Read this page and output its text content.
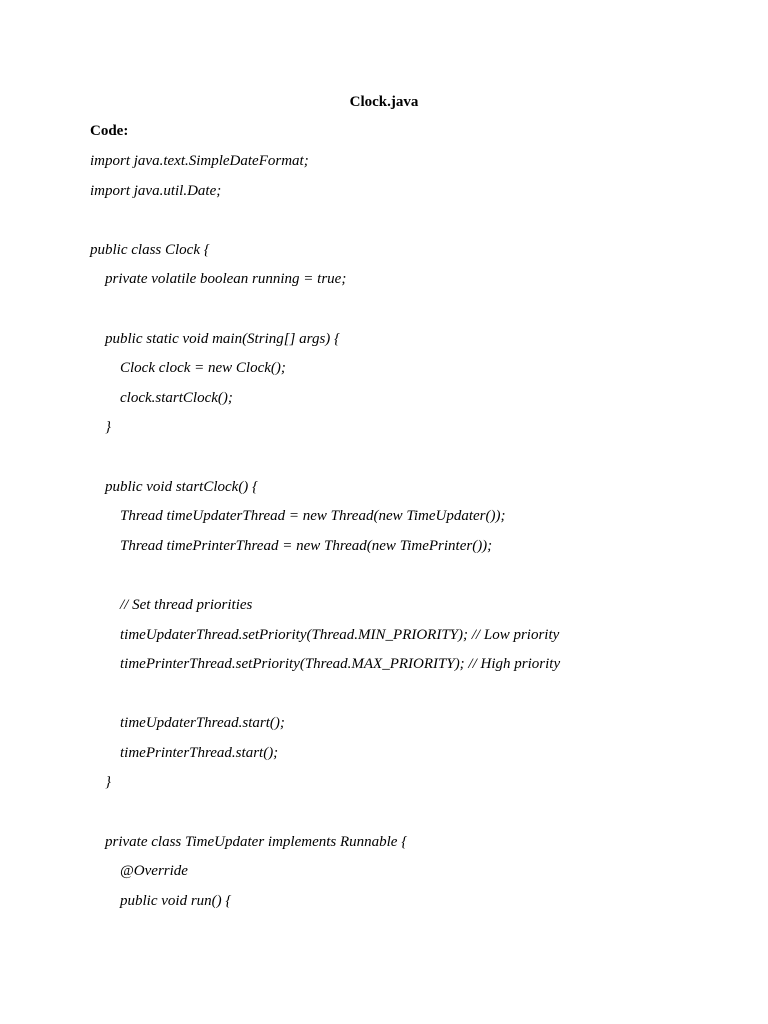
Clock.java
Code:
import java.text.SimpleDateFormat;
import java.util.Date;
public class Clock {
private volatile boolean running = true;
public static void main(String[] args) {
Clock clock = new Clock();
clock.startClock();
}
public void startClock() {
Thread timeUpdaterThread = new Thread(new TimeUpdater());
Thread timePrinterThread = new Thread(new TimePrinter());
// Set thread priorities
timeUpdaterThread.setPriority(Thread.MIN_PRIORITY); // Low priority
timePrinterThread.setPriority(Thread.MAX_PRIORITY); // High priority
timeUpdaterThread.start();
timePrinterThread.start();
}
private class TimeUpdater implements Runnable {
@Override
public void run() {
